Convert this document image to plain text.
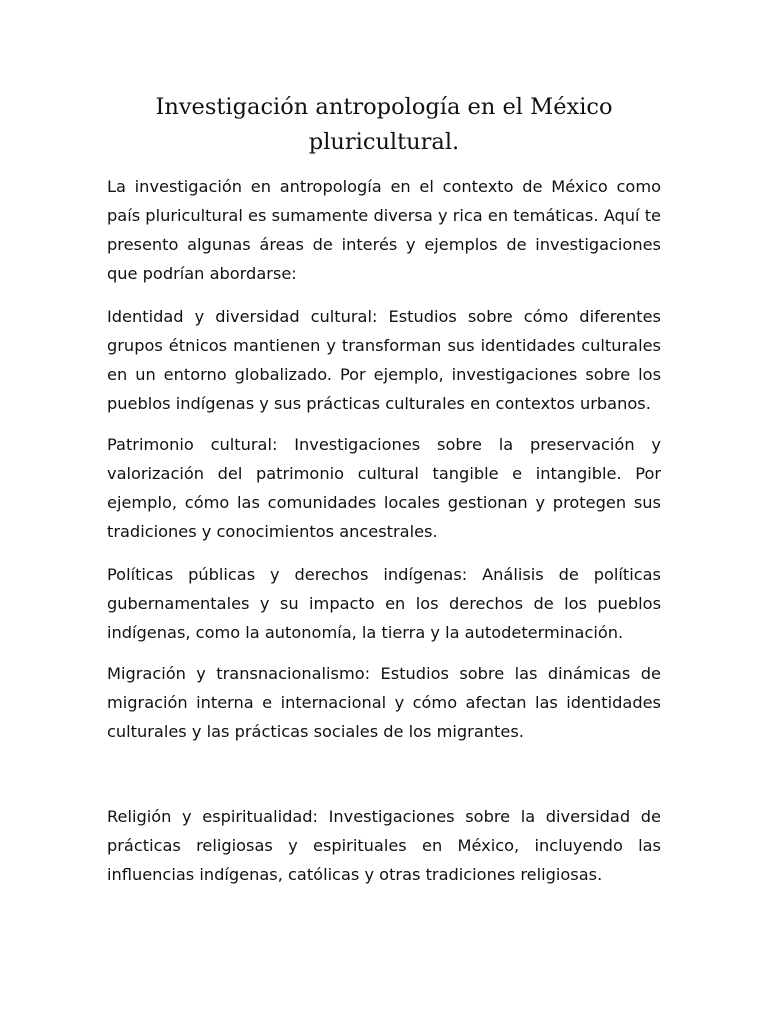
Investigación antropología en el México pluricultural.

La investigación en antropología en el contexto de México como país pluricultural es sumamente diversa y rica en temáticas. Aquí te presento algunas áreas de interés y ejemplos de investigaciones que podrían abordarse:

Identidad y diversidad cultural: Estudios sobre cómo diferentes grupos étnicos mantienen y transforman sus identidades culturales en un entorno globalizado. Por ejemplo, investigaciones sobre los pueblos indígenas y sus prácticas culturales en contextos urbanos.

Patrimonio cultural: Investigaciones sobre la preservación y valorización del patrimonio cultural tangible e intangible. Por ejemplo, cómo las comunidades locales gestionan y protegen sus tradiciones y conocimientos ancestrales.

Políticas públicas y derechos indígenas: Análisis de políticas gubernamentales y su impacto en los derechos de los pueblos indígenas, como la autonomía, la tierra y la autodeterminación.

Migración y transnacionalismo: Estudios sobre las dinámicas de migración interna e internacional y cómo afectan las identidades culturales y las prácticas sociales de los migrantes.

Religión y espiritualidad: Investigaciones sobre la diversidad de prácticas religiosas y espirituales en México, incluyendo las influencias indígenas, católicas y otras tradiciones religiosas.
